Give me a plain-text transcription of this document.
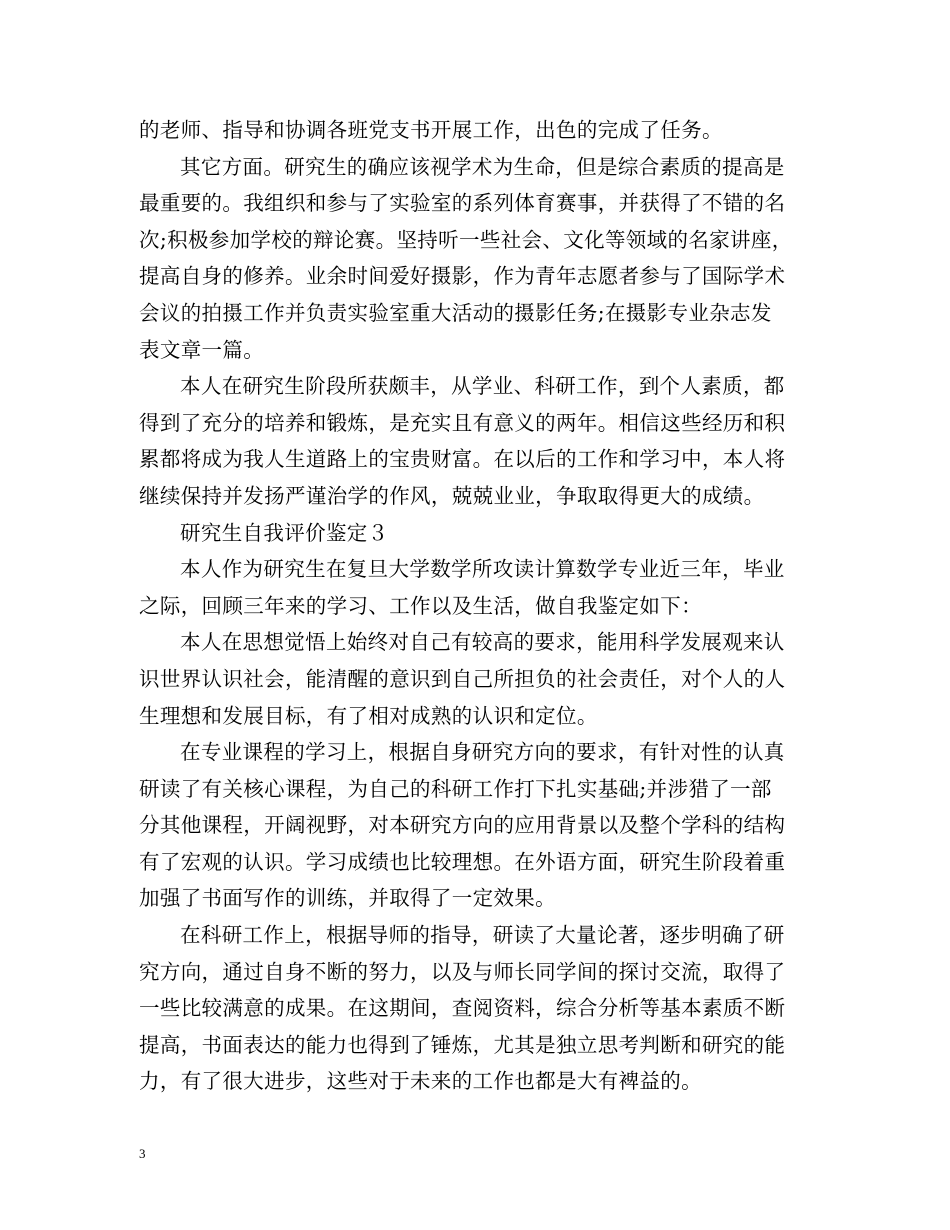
的老师、指导和协调各班党支书开展工作，出色的完成了任务。
其它方面。研究生的确应该视学术为生命，但是综合素质的提高是
最重要的。我组织和参与了实验室的系列体育赛事，并获得了不错的名
次;积极参加学校的辩论赛。坚持听一些社会、文化等领域的名家讲座，
提高自身的修养。业余时间爱好摄影，作为青年志愿者参与了国际学术
会议的拍摄工作并负责实验室重大活动的摄影任务;在摄影专业杂志发
表文章一篇。
本人在研究生阶段所获颇丰，从学业、科研工作，到个人素质，都
得到了充分的培养和锻炼，是充实且有意义的两年。相信这些经历和积
累都将成为我人生道路上的宝贵财富。在以后的工作和学习中，本人将
继续保持并发扬严谨治学的作风，兢兢业业，争取取得更大的成绩。
研究生自我评价鉴定３
本人作为研究生在复旦大学数学所攻读计算数学专业近三年，毕业
之际，回顾三年来的学习、工作以及生活，做自我鉴定如下：
本人在思想觉悟上始终对自己有较高的要求，能用科学发展观来认
识世界认识社会，能清醒的意识到自己所担负的社会责任，对个人的人
生理想和发展目标，有了相对成熟的认识和定位。
在专业课程的学习上，根据自身研究方向的要求，有针对性的认真
研读了有关核心课程，为自己的科研工作打下扎实基础;并涉猎了一部
分其他课程，开阔视野，对本研究方向的应用背景以及整个学科的结构
有了宏观的认识。学习成绩也比较理想。在外语方面，研究生阶段着重
加强了书面写作的训练，并取得了一定效果。
在科研工作上，根据导师的指导，研读了大量论著，逐步明确了研
究方向，通过自身不断的努力，以及与师长同学间的探讨交流，取得了
一些比较满意的成果。在这期间，查阅资料，综合分析等基本素质不断
提高，书面表达的能力也得到了锤炼，尤其是独立思考判断和研究的能
力，有了很大进步，这些对于未来的工作也都是大有裨益的。
3
